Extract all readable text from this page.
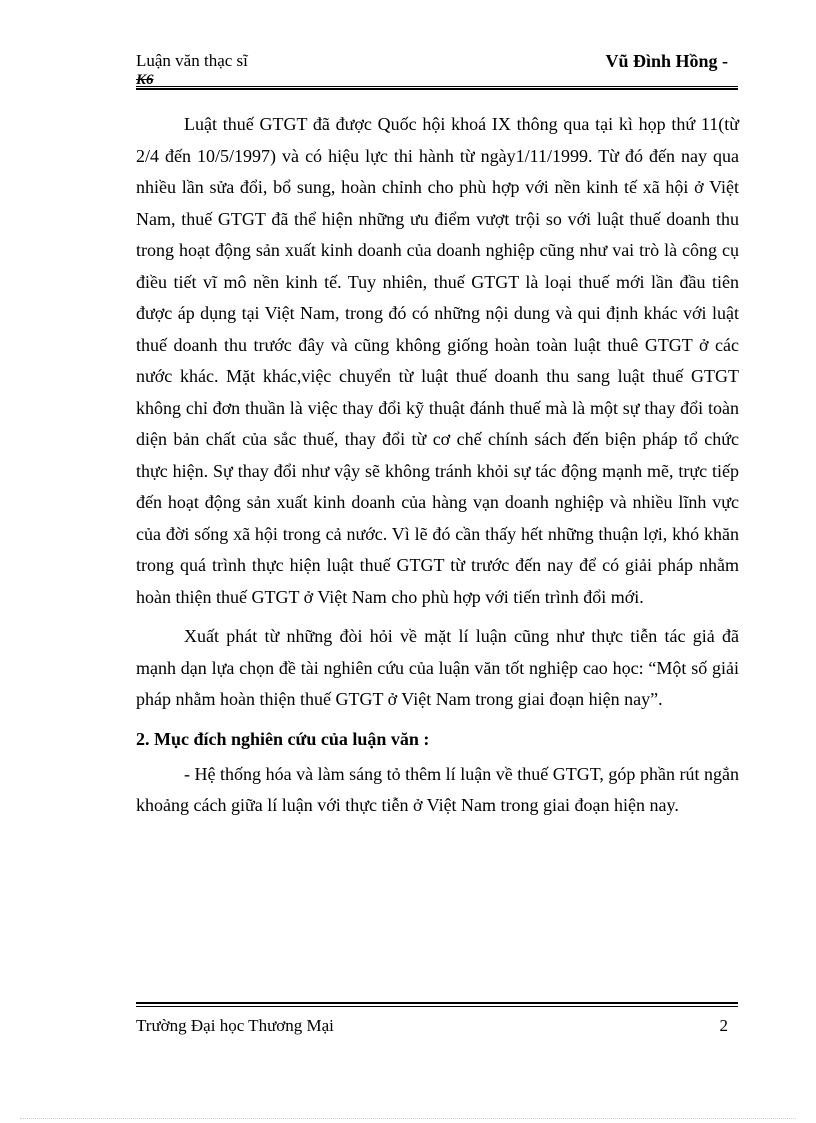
Luận văn thạc sĩ
K6
Vũ Đình Hồng -

Luật thuế GTGT đã được Quốc hội khoá IX thông qua tại kì họp thứ 11(từ 2/4 đến 10/5/1997) và có hiệu lực thi hành từ ngày1/11/1999. Từ đó đến nay qua nhiều lần sửa đổi, bổ sung, hoàn chỉnh cho phù hợp với nền kinh tế xã hội ở Việt Nam, thuế GTGT đã thể hiện những ưu điểm vượt trội so với luật thuế doanh thu trong hoạt động sản xuất kinh doanh của doanh nghiệp cũng như vai trò là công cụ điều tiết vĩ mô nền kinh tế. Tuy nhiên, thuế GTGT là loại thuế mới lần đầu tiên được áp dụng tại Việt Nam, trong đó có những nội dung và qui định khác với luật thuế doanh thu trước đây và cũng không giống hoàn toàn luật thuê GTGT ở các nước khác. Mặt khác,việc chuyển từ luật thuế doanh thu sang luật thuế GTGT không chỉ đơn thuần là việc thay đổi kỹ thuật đánh thuế mà là một sự thay đổi toàn diện bản chất của sắc thuế, thay đổi từ cơ chế chính sách đến biện pháp tổ chức thực hiện. Sự thay đổi như vậy sẽ không tránh khỏi sự tác động mạnh mẽ, trực tiếp đến hoạt động sản xuất kinh doanh của hàng vạn doanh nghiệp và nhiều lĩnh vực của đời sống xã hội trong cả nước. Vì lẽ đó cần thấy hết những thuận lợi, khó khăn trong quá trình thực hiện luật thuế GTGT từ trước đến nay để có giải pháp nhằm hoàn thiện thuế GTGT ở Việt Nam cho phù hợp với tiến trình đổi mới.

Xuất phát từ những đòi hỏi về mặt lí luận cũng như thực tiễn tác giả đã mạnh dạn lựa chọn đề tài nghiên cứu của luận văn tốt nghiệp cao học: “Một số giải pháp nhằm hoàn thiện thuế GTGT ở Việt Nam trong giai đoạn hiện nay”.

2. Mục đích nghiên cứu của luận văn :

- Hệ thống hóa và làm sáng tỏ thêm lí luận về thuế GTGT, góp phần rút ngắn khoảng cách giữa lí luận với thực tiễn ở Việt Nam trong giai đoạn hiện nay.

Trường Đại học Thương Mại	2
